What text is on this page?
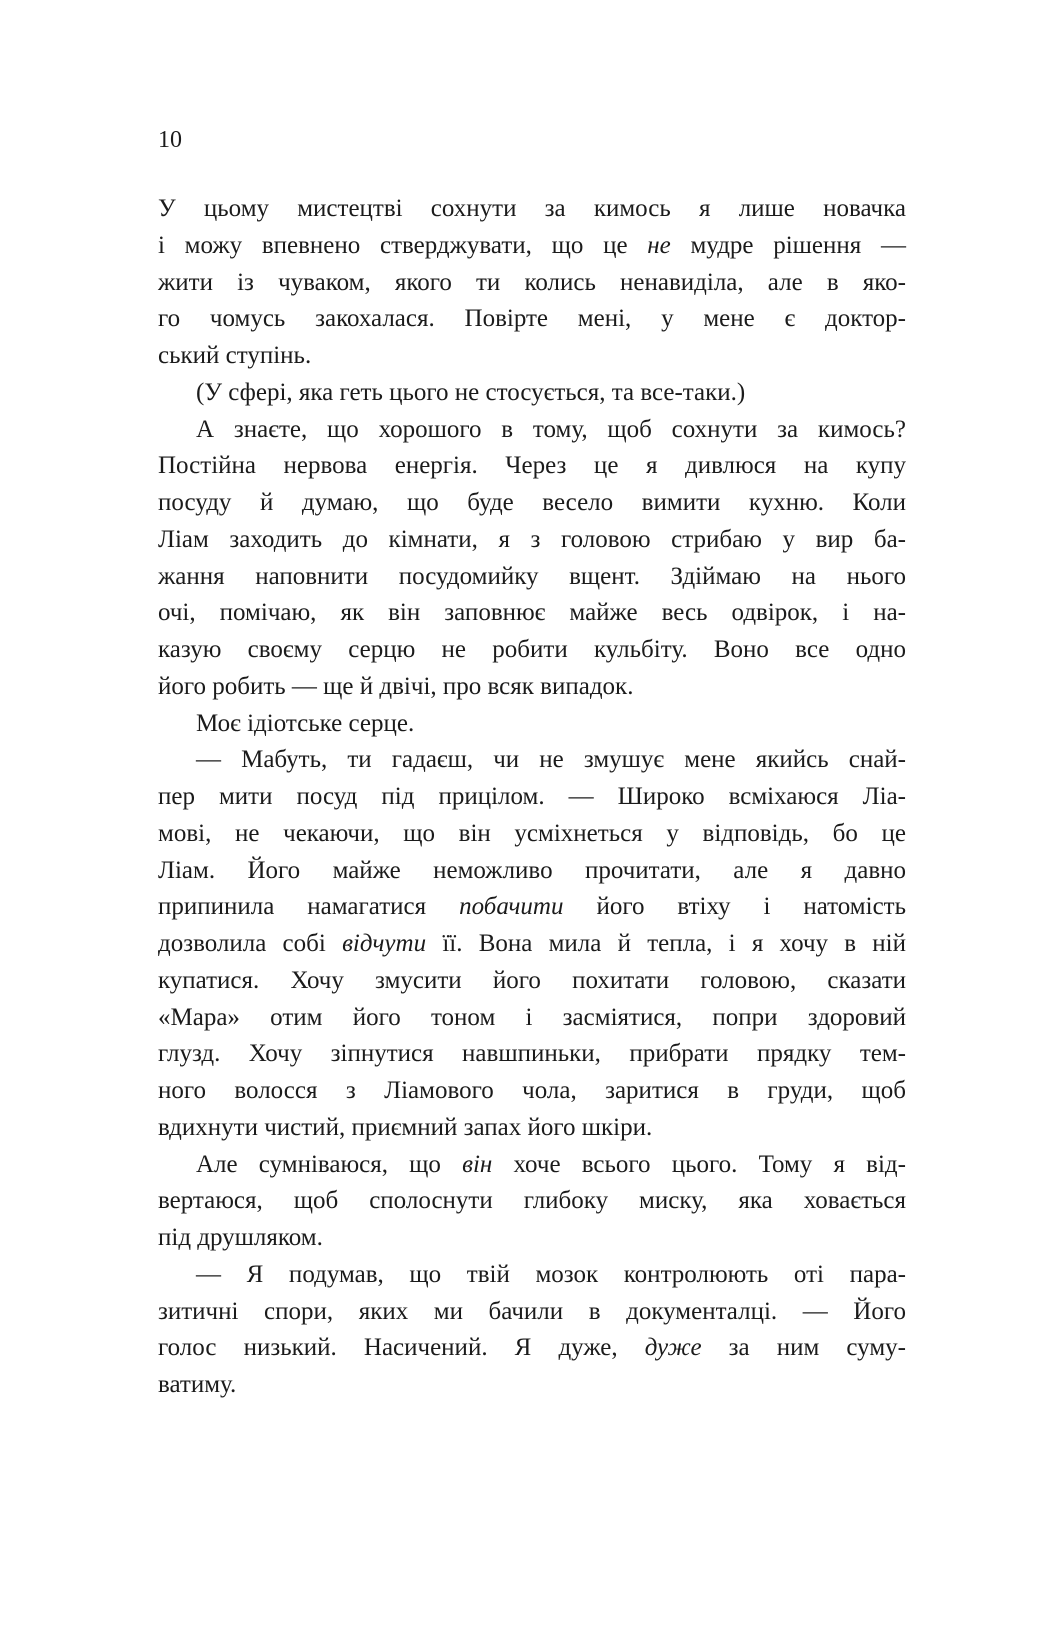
10
У цьому мистецтві сохнути за кимось я лише новачка
і можу впевнено стверджувати, що це не мудре рішення —
жити із чуваком, якого ти колись ненавиділа, але в яко-
го чомусь закохалася. Повірте мені, у мене є доктор-
ський ступінь.
(У сфері, яка геть цього не стосується, та все-таки.)
А знаєте, що хорошого в тому, щоб сохнути за кимось?
Постійна нервова енергія. Через це я дивлюся на купу
посуду й думаю, що буде весело вимити кухню. Коли
Ліам заходить до кімнати, я з головою стрибаю у вир ба-
жання наповнити посудомийку вщент. Здіймаю на нього
очі, помічаю, як він заповнює майже весь одвірок, і на-
казую своєму серцю не робити кульбіту. Воно все одно
його робить — ще й двічі, про всяк випадок.
Моє ідіотське серце.
— Мабуть, ти гадаєш, чи не змушує мене якийсь снай-
пер мити посуд під прицілом. — Широко всміхаюся Ліа-
мові, не чекаючи, що він усміхнеться у відповідь, бо це
Ліам. Його майже неможливо прочитати, але я давно
припинила намагатися побачити його втіху і натомість
дозволила собі відчути її. Вона мила й тепла, і я хочу в ній
купатися. Хочу змусити його похитати головою, сказати
«Мара» отим його тоном і засміятися, попри здоровий
глузд. Хочу зіпнутися навшпиньки, прибрати прядку тем-
ного волосся з Ліамового чола, заритися в груди, щоб
вдихнути чистий, приємний запах його шкіри.
Але сумніваюся, що він хоче всього цього. Тому я від-
вертаюся, щоб сполоснути глибоку миску, яка ховається
під друшляком.
— Я подумав, що твій мозок контролюють оті пара-
зитичні спори, яких ми бачили в документалці. — Його
голос низький. Насичений. Я дуже, дуже за ним суму-
ватиму.
